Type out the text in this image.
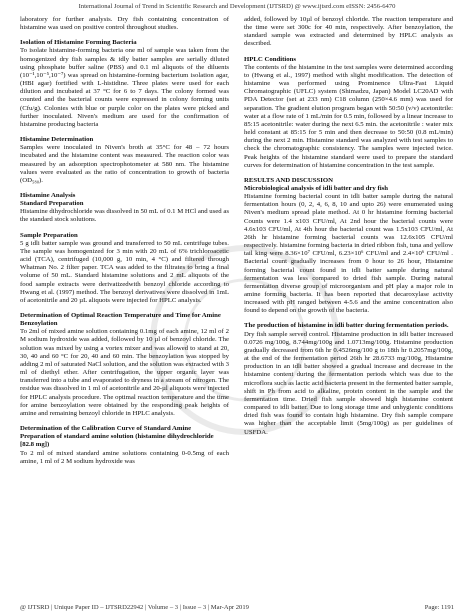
International Journal of Trend in Scientific Research and Development (IJTSRD) @ www.ijtsrd.com eISSN: 2456-6470

laboratory for further analysis. Dry fish containing concentration of histamine was used on positive control throughout studies.

Isolation of Histamine Forming Bacteria

To isolate histamine-forming bacteria one ml of sample was taken from the homogenized dry fish samples & idly batter samples are serially diluted using phosphate buffer saline (PBS) and 0.1 ml aliquots of the diluents (10⁻¹,10⁻⁵,10⁻⁷) was spread on histamine-forming bacterium isolation agar, (HBI agar) fortified with L-histidine. Three plates were used for each dilution and incubated at 37 °C for 6 to 7 days. The colony formed was counted and the bacterial counts were expressed in colony forming units (Cfu/g). Colonies with blue or purple color on the plates were picked and further inoculated. Niven's medium are used for the confirmation of histamine producing bacteria

Histamine Determination

Samples were inoculated in Niven's broth at 35°C for 48 – 72 hours incubated and the histamine content was measured. The reaction color was measured by an adsorption spectrophotometer at 580 nm. The histamine values were evaluated as the ratio of concentration to growth of bacteria (OD₅₈₀).

Histamine Analysis
Standard Preparation

Histamine dihydrochloride was dissolved in 50 mL of 0.1 M HCl and used as the standard stock solutions.

Sample Preparation

5 g idli batter sample was ground and transferred to 50 mL centrifuge tubes. The sample was homogenized for 3 min with 20 mL of 6% trichloroacetic acid (TCA), centrifuged (10,000 g, 10 min, 4 °C) and filtered through Whatman No. 2 filter paper. TCA was added to the filtrates to bring a final volume of 50 mL. Standard histamine solutions and 2 mL aliquots of the food sample extracts were derivatizedwith benzoyl chloride according to Hwang et al. (1997) method. The benzoyl derivatives were dissolved in 1mL of acetonitrile and 20 µL aliquots were injected for HPLC analysis.

Determination of Optimal Reaction Temperature and Time for Amine Benzoylation

To 2ml of mixed amine solution containing 0.1mg of each amine, 12 ml of 2 M sodium hydroxide was added, followed by 10 µl of benzoyl chloride. The solution was mixed by using a vortex mixer and was allowed to stand at 20, 30, 40 and 60 °C for 20, 40 and 60 min. The benzoylation was stopped by adding 2 ml of saturated NaCl solution, and the solution was extracted with 3 ml of diethyl ether. After centrifugation, the upper organic layer was transferred into a tube and evaporated to dryness in a stream of nitrogen. The residue was dissolved in 1 ml of acetonitrile and 20-µl aliquots were injected for HPLC analysis procedure. The optimal reaction temperature and the time for amine benzoylation were obtained by the responding peak heights of amine and remaining benzoyl chloride in HPLC analysis.

Determination of the Calibration Curve of Standard Amine
Preparation of standard amine solution (histamine dihydrochloride [82.8 mg])

To 2 ml of mixed standard amine solutions containing 0-0.5mg of each amine, 1 ml of 2 M sodium hydroxide was

added, followed by 10µl of benzoyl chloride. The reaction temperature and the time were set 300c for 40 min, respectively. After benzoylation, the standard sample was extracted and determined by HPLC analysis as described.

HPLC Conditions

The contents of the histamine in the test samples were determined according to (Hwang et al., 1997) method with slight modification. The detection of histamine was performed using Prominence Ultra-Fast Liquid Chromatographic (UFLC) system (Shimadzu, Japan) Model LC20AD with PDA Detector (set at 233 nm) C18 column (250×4.6 mm) was used for separation. The gradient elution program began with 50:50 (v/v) acetonitrile: water at a flow rate of 1 mL/min for 0.5 min, followed by a linear increase to 85:15 acetonitrile: water during the next 6.5 min. the acetonitrile : water mix held constant at 85:15 for 5 min and then decrease to 50:50 (0.8 mL/min) during the next 2 min. Histamine standard was analyzed with test samples to check the chromatographic consistency. The samples were injected twice. Peak heights of the histamine standard were used to prepare the standard curves for determination of histamine concentration in the test sample.

RESULTS AND DISCUSSION
Microbiological analysis of idli batter and dry fish

Histamine forming bacterial count in idli batter sample during the natural fermentation hours (0, 2, 4, 6, 8, 10 and upto 26) were enumerated using Niven's medium spread plate method. At 0 hr histamine forming bacterial Counts were 1.4 x103 CFU/ml, At 2nd hour the bacterial counts were 4.6x103 CFU/ml, At 4th hour the bacterial count was 1.5x103 CFU/ml, At 26th hr histamine forming bacterial counts was 12.6x105 CFU/ml respectively. histamine forming bacteria in dried ribbon fish, tuna and yellow tail king were 8.36×10⁷ CFU/ml, 6.23×10⁶ CFU/ml and 2.4×10⁶ CFU/ml . Bacterial count gradually increases from 0 hour to 26 hour, Histamine forming bacterial count found in idli batter sample during natural fermentation was less compared to dried fish sample. During natural fermentation diverse group of microorganism and pH play a major role in amine forming bacteria. It has been reported that decaroxylase activity increased with pH ranged between 4-5.6 and the amine concentration also found to depend on the growth of the bacteria.

The production of histamine in idli batter during fermentation periods.

Dry fish sample served control. Histamine production in idli batter increased 0.0726 mg/100g, 8.744mg/100g and 1.0713mg/100g. Histamine production gradually decreased from 6th hr 0.4526mg/100 g to 18th hr 0.2057mg/100g, at the end of the fermentation period 26th hr 28.6733 mg/100g, Histamine production in an idli batter showed a gradual increase and decrease in the histamine content during the fermentation periods which was due to the microflora such as lactic acid bacteria present in the fermented batter sample, shift in Ph from acid to alkaline, protein content in the sample and the fermentation time. Dried fish sample showed high histamine content compared to idli batter. Due to long storage time and unhygienic conditions dried fish was found to contain high histamine. Dry fish sample compare was higher than the acceptable limit (5mg/100g) as per guidelines of USFDA.

@ IJTSRD | Unique Paper ID – IJTSRD22942 | Volume – 3 | Issue – 3 | Mar-Apr 2019	Page: 1191
